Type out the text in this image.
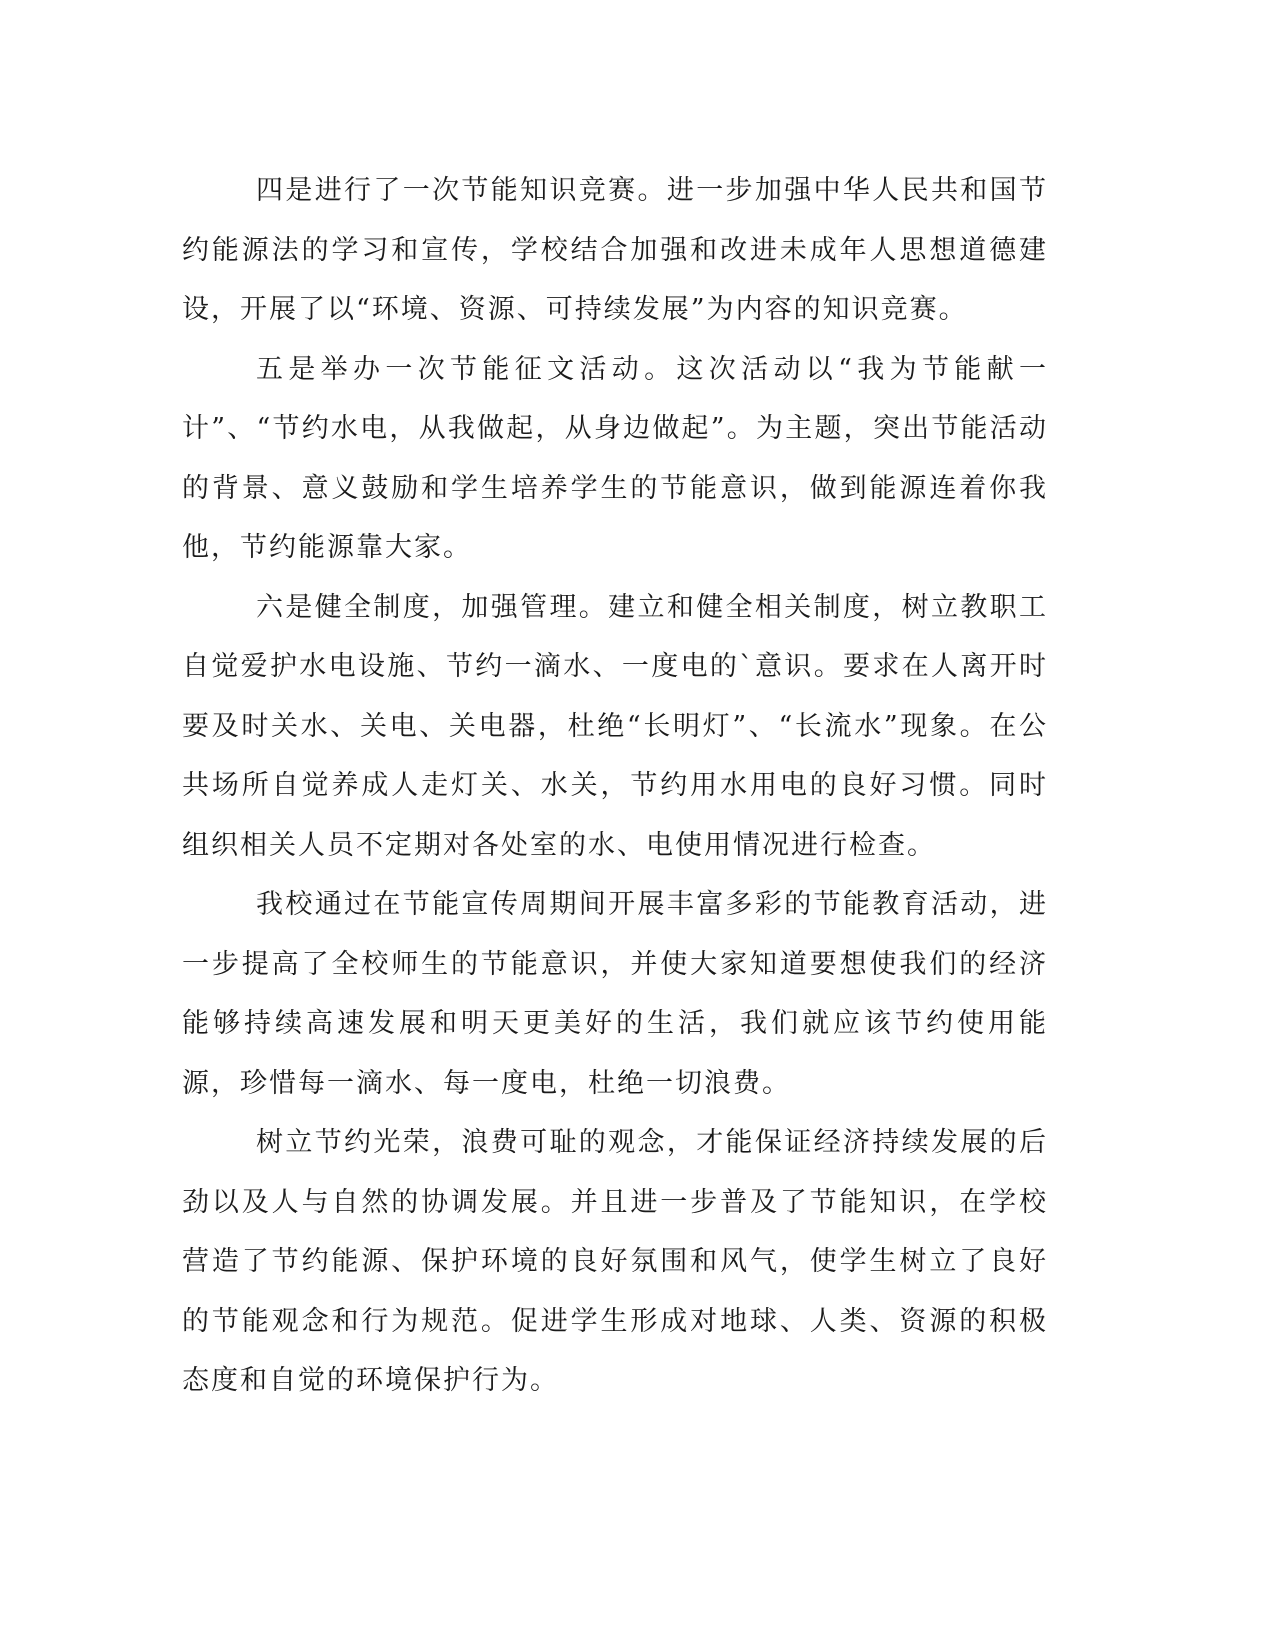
四是进行了一次节能知识竞赛。进一步加强中华人民共和国节约能源法的学习和宣传，学校结合加强和改进未成年人思想道德建设，开展了以“环境、资源、可持续发展”为内容的知识竞赛。

五是举办一次节能征文活动。这次活动以“我为节能献一计”、“节约水电，从我做起，从身边做起”。为主题，突出节能活动的背景、意义鼓励和学生培养学生的节能意识，做到能源连着你我他，节约能源靠大家。

六是健全制度，加强管理。建立和健全相关制度，树立教职工自觉爱护水电设施、节约一滴水、一度电的`意识。要求在人离开时要及时关水、关电、关电器，杜绝“长明灯”、“长流水”现象。在公共场所自觉养成人走灯关、水关，节约用水用电的良好习惯。同时组织相关人员不定期对各处室的水、电使用情况进行检查。

我校通过在节能宣传周期间开展丰富多彩的节能教育活动，进一步提高了全校师生的节能意识，并使大家知道要想使我们的经济能够持续高速发展和明天更美好的生活，我们就应该节约使用能源，珍惜每一滴水、每一度电，杜绝一切浪费。

树立节约光荣，浪费可耻的观念，才能保证经济持续发展的后劲以及人与自然的协调发展。并且进一步普及了节能知识，在学校营造了节约能源、保护环境的良好氛围和风气，使学生树立了良好的节能观念和行为规范。促进学生形成对地球、人类、资源的积极态度和自觉的环境保护行为。
